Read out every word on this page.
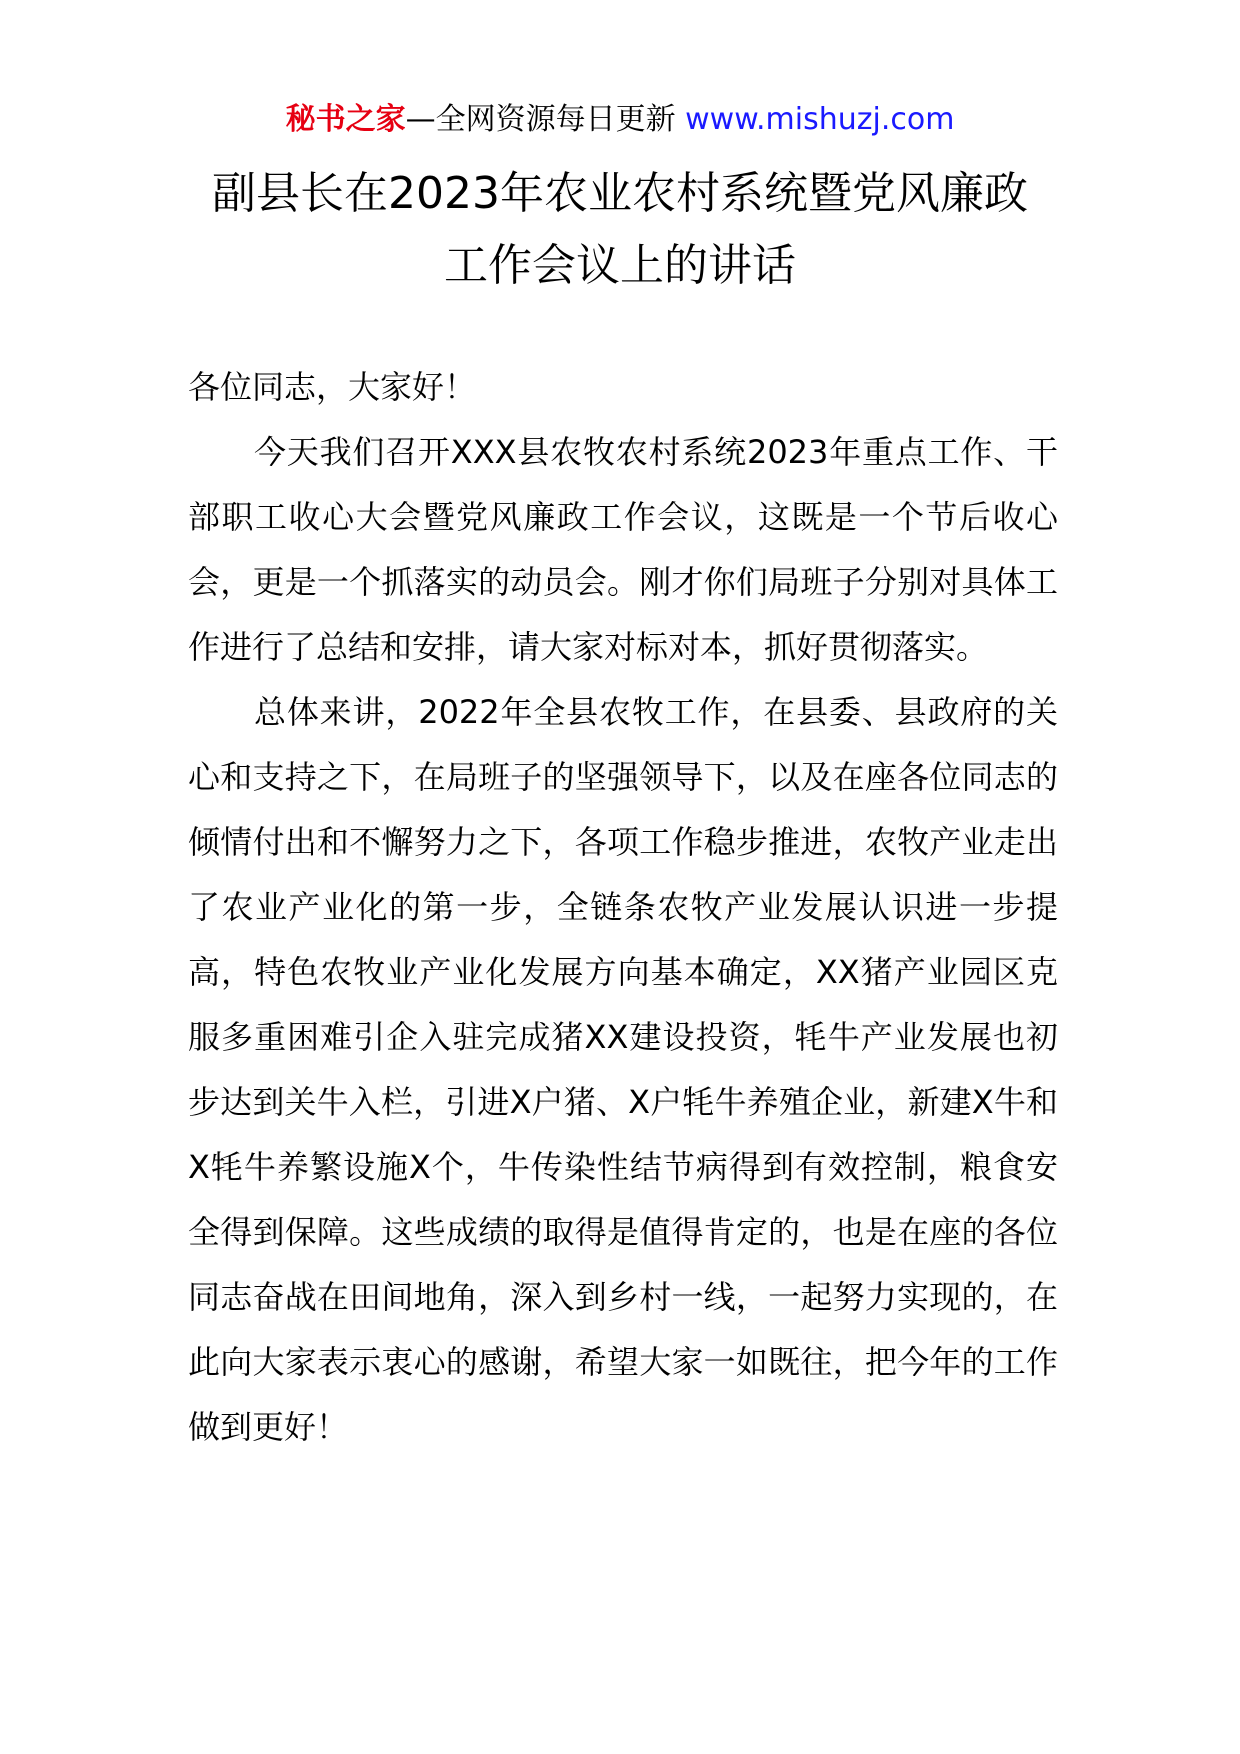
秘书之家—全网资源每日更新 www.mishuzj.com
副县长在2023年农业农村系统暨党风廉政
工作会议上的讲话

各位同志，大家好！

今天我们召开XXX县农牧农村系统2023年重点工作、干部职工收心大会暨党风廉政工作会议，这既是一个节后收心会，更是一个抓落实的动员会。刚才你们局班子分别对具体工作进行了总结和安排，请大家对标对本，抓好贯彻落实。

总体来讲，2022年全县农牧工作，在县委、县政府的关心和支持之下，在局班子的坚强领导下，以及在座各位同志的倾情付出和不懈努力之下，各项工作稳步推进，农牧产业走出了农业产业化的第一步，全链条农牧产业发展认识进一步提高，特色农牧业产业化发展方向基本确定，XX猪产业园区克服多重困难引企入驻完成猪XX建设投资，牦牛产业发展也初步达到关牛入栏，引进X户猪、X户牦牛养殖企业，新建X牛和X牦牛养繁设施X个，牛传染性结节病得到有效控制，粮食安全得到保障。这些成绩的取得是值得肯定的，也是在座的各位同志奋战在田间地角，深入到乡村一线，一起努力实现的，在此向大家表示衷心的感谢，希望大家一如既往，把今年的工作做到更好！
